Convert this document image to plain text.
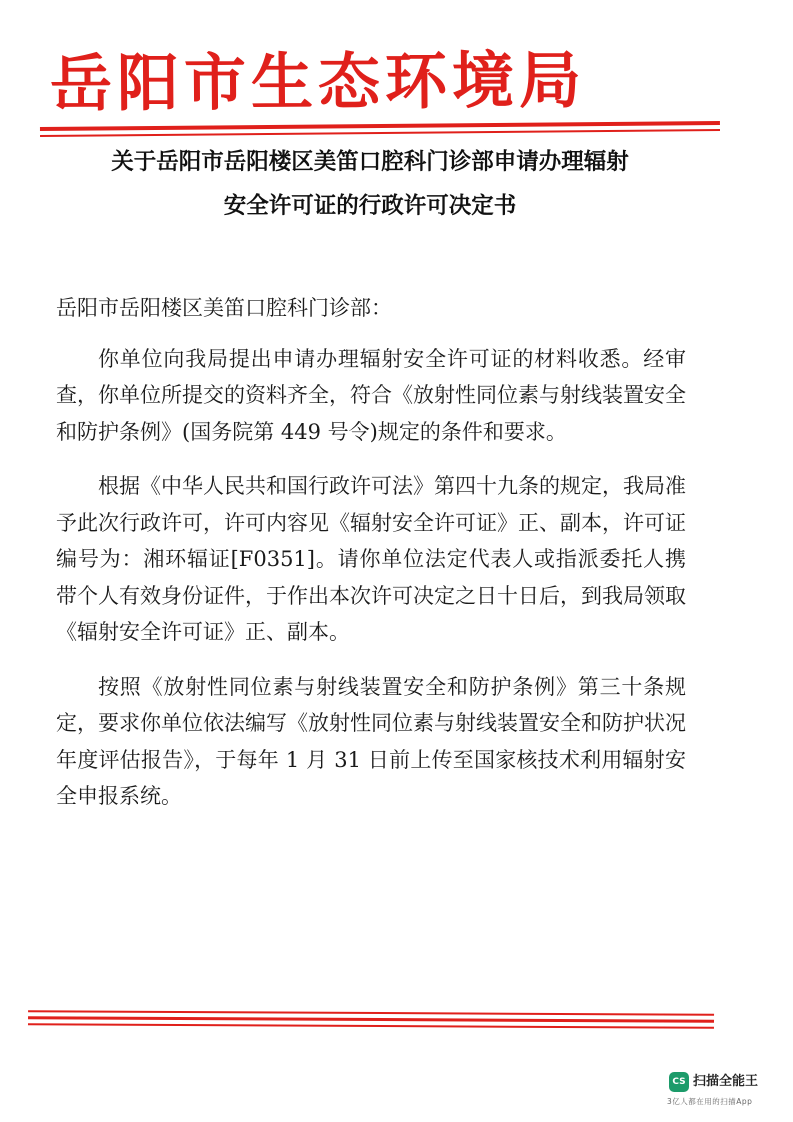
岳阳市生态环境局
关于岳阳市岳阳楼区美笛口腔科门诊部申请办理辐射
安全许可证的行政许可决定书

岳阳市岳阳楼区美笛口腔科门诊部：

你单位向我局提出申请办理辐射安全许可证的材料收悉。经审查，你单位所提交的资料齐全，符合《放射性同位素与射线装置安全和防护条例》(国务院第 449 号令)规定的条件和要求。

根据《中华人民共和国行政许可法》第四十九条的规定，我局准予此次行政许可，许可内容见《辐射安全许可证》正、副本，许可证编号为：湘环辐证[F0351]。请你单位法定代表人或指派委托人携带个人有效身份证件，于作出本次许可决定之日十日后，到我局领取《辐射安全许可证》正、副本。

按照《放射性同位素与射线装置安全和防护条例》第三十条规定，要求你单位依法编写《放射性同位素与射线装置安全和防护状况年度评估报告》，于每年 1 月 31 日前上传至国家核技术利用辐射安全申报系统。

CS 扫描全能王
3亿人都在用的扫描App
